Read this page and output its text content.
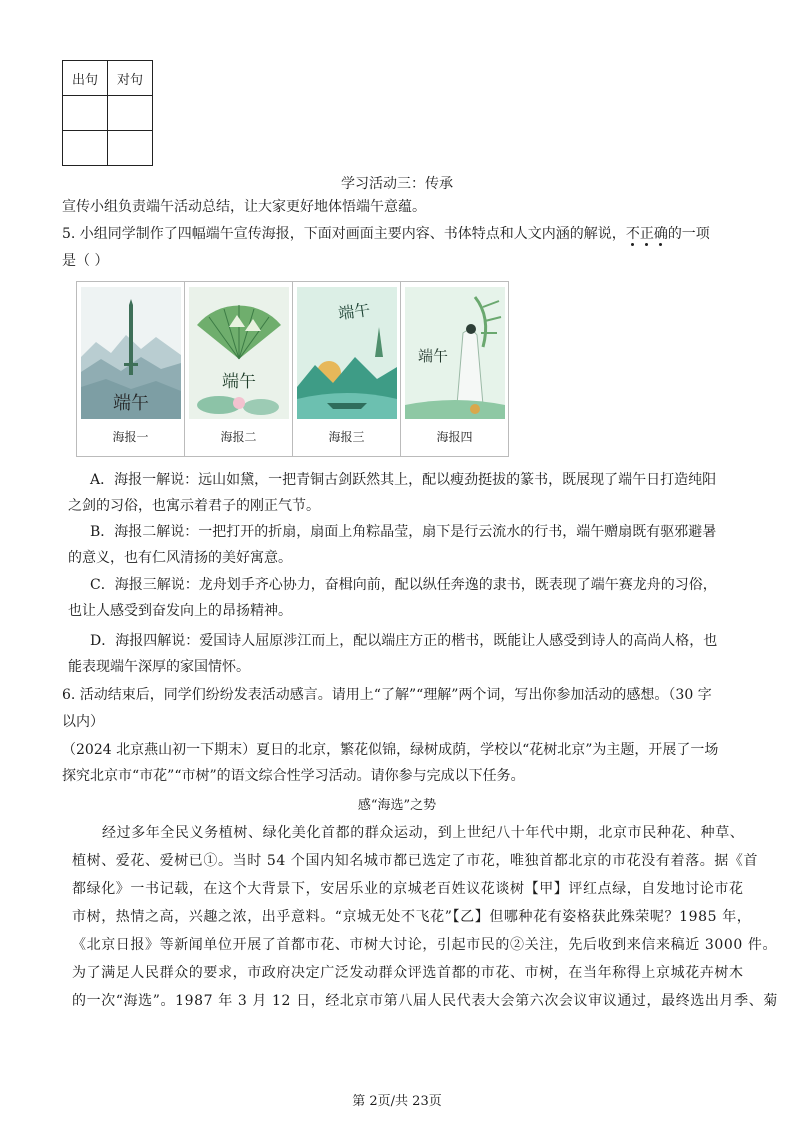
出句	对句

学习活动三：传承
宣传小组负责端午活动总结，让大家更好地体悟端午意蕴。
5. 小组同学制作了四幅端午宣传海报，下面对画面主要内容、书体特点和人文内涵的解说，不正确的一项
是（ ）
端午
海报一
端午
海报二
端午
海报三
端午
海报四
A．海报一解说：远山如黛，一把青铜古剑跃然其上，配以瘦劲挺拔的篆书，既展现了端午日打造纯阳
之剑的习俗，也寓示着君子的刚正气节。
B．海报二解说：一把打开的折扇，扇面上角粽晶莹，扇下是行云流水的行书，端午赠扇既有驱邪避暑
的意义，也有仁风清扬的美好寓意。
C．海报三解说：龙舟划手齐心协力，奋楫向前，配以纵任奔逸的隶书，既表现了端午赛龙舟的习俗，
也让人感受到奋发向上的昂扬精神。
D．海报四解说：爱国诗人屈原涉江而上，配以端庄方正的楷书，既能让人感受到诗人的高尚人格，也
能表现端午深厚的家国情怀。
6. 活动结束后，同学们纷纷发表活动感言。请用上“了解”“理解”两个词，写出你参加活动的感想。（30 字
以内）
（2024 北京燕山初一下期末）夏日的北京，繁花似锦，绿树成荫，学校以“花树北京”为主题，开展了一场
探究北京市“市花”“市树”的语文综合性学习活动。请你参与完成以下任务。
感“海选”之势
经过多年全民义务植树、绿化美化首都的群众运动，到上世纪八十年代中期，北京市民种花、种草、
植树、爱花、爱树已①。当时 54 个国内知名城市都已选定了市花，唯独首都北京的市花没有着落。据《首
都绿化》一书记载，在这个大背景下，安居乐业的京城老百姓议花谈树【甲】评红点绿，自发地讨论市花
市树，热情之高，兴趣之浓，出乎意料。“京城无处不飞花”【乙】但哪种花有姿格获此殊荣呢？1985 年，
《北京日报》等新闻单位开展了首都市花、市树大讨论，引起市民的②关注，先后收到来信来稿近 3000 件。
为了满足人民群众的要求，市政府决定广泛发动群众评选首都的市花、市树，在当年称得上京城花卉树木
的一次“海选”。1987 年 3 月 12 日，经北京市第八届人民代表大会第六次会议审议通过，最终选出月季、菊
第 2页/共 23页
